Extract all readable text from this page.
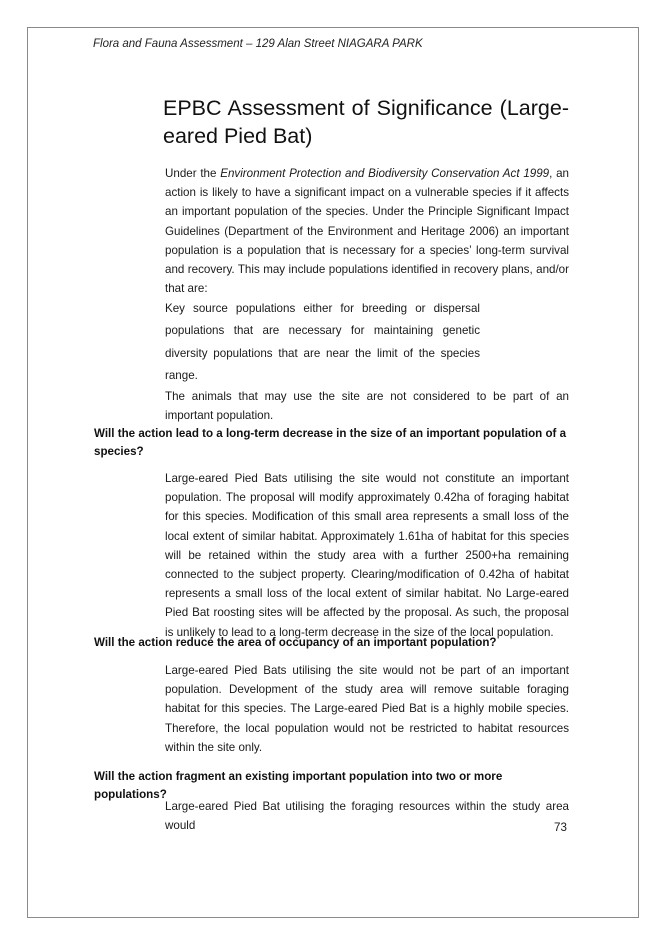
Flora and Fauna Assessment – 129 Alan Street NIAGARA PARK
EPBC Assessment of Significance (Large- eared Pied Bat)

Under the Environment Protection and Biodiversity Conservation Act 1999, an action is likely to have a significant impact on a vulnerable species if it affects an important population of the species. Under the Principle Significant Impact Guidelines (Department of the Environment and Heritage 2006) an important population is a population that is necessary for a species’ long-term survival and recovery. This may include populations identified in recovery plans, and/or that are:

Key source populations either for breeding or dispersal populations that are necessary for maintaining genetic diversity populations that are near the limit of the species range.

The animals that may use the site are not considered to be part of an important population.

Will the action lead to a long-term decrease in the size of an important population of a species?

Large-eared Pied Bats utilising the site would not constitute an important population. The proposal will modify approximately 0.42ha of foraging habitat for this species. Modification of this small area represents a small loss of the local extent of similar habitat. Approximately 1.61ha of habitat for this species will be retained within the study area with a further 2500+ha remaining connected to the subject property. Clearing/modification of 0.42ha of habitat represents a small loss of the local extent of similar habitat. No Large-eared Pied Bat roosting sites will be affected by the proposal. As such, the proposal is unlikely to lead to a long-term decrease in the size of the local population.

Will the action reduce the area of occupancy of an important population?

Large-eared Pied Bats utilising the site would not be part of an important population. Development of the study area will remove suitable foraging habitat for this species. The Large-eared Pied Bat is a highly mobile species. Therefore, the local population would not be restricted to habitat resources within the site only.

Will the action fragment an existing important population into two or more populations?

Large-eared Pied Bat utilising the foraging resources within the study area would	73
